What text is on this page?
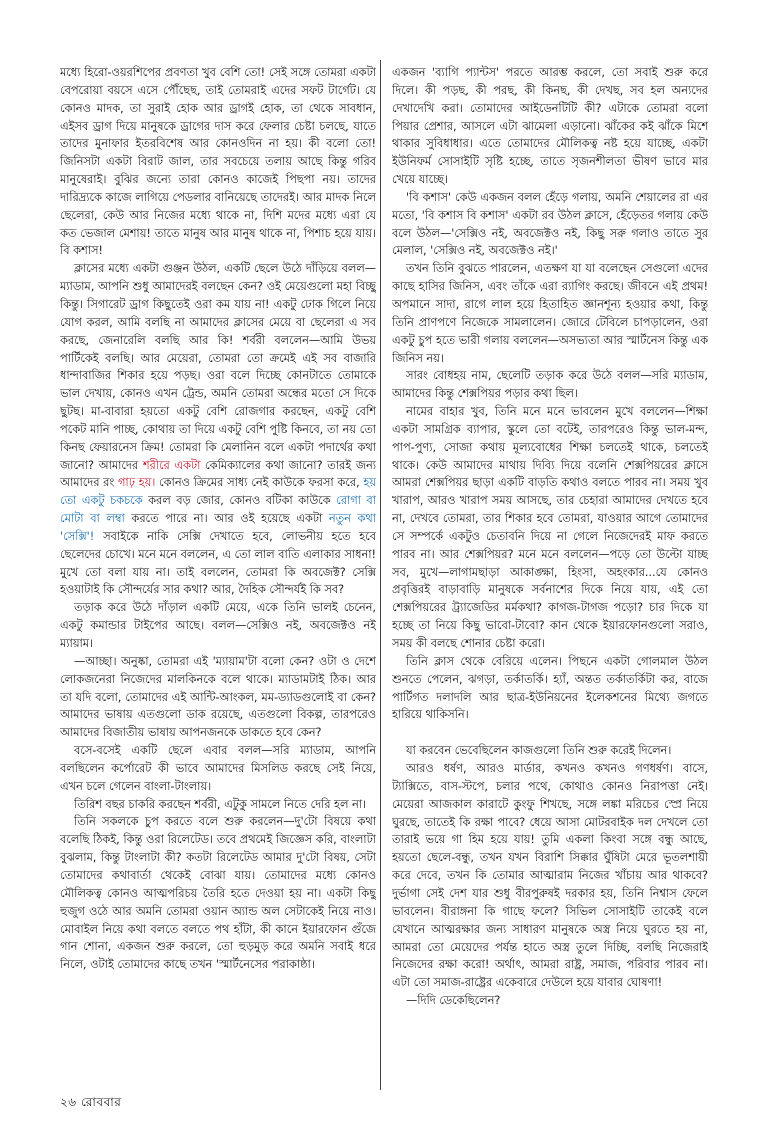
মধ্যে হিরো-ওয়রশিপের প্রবণতা খুব বেশি তো! সেই সঙ্গে তোমরা একটা বেপরোয়া বয়সে এসে পৌঁছেছ, তাই তোমরাই এদের সফট টার্গেট। যে কোনও মাদক, তা সুরাই হোক আর ড্রাগই হোক, তা থেকে সাবধান, এইসব ড্রাগ দিয়ে মানুষকে ড্রাগের দাস করে ফেলার চেষ্টা চলছে, যাতে তাদের মুনাফার ইতরবিশেষ আর কোনওদিন না হয়। কী বলো তো! জিনিসটা একটা বিরাট জাল, তার সবচেয়ে তলায় আছে কিন্তু গরিব মানুষেরাই। বুঝির জন্যে তারা কোনও কাজেই পিছপা নয়। তাদের দারিদ্র্যকে কাজে লাগিয়ে পেডলার বানিয়েছে তাদেরই। আর মাদক নিলে ছেলেরা, কেউ আর নিজের মধ্যে থাকে না, দিশি মদের মধ্যে এরা যে কত ভেজাল মেশায়! তাতে মানুষ আর মানুষ থাকে না, পিশাচ হয়ে যায়। বি কশাস!

ক্লাসের মধ্যে একটা গুঞ্জন উঠল, একটি ছেলে উঠে দাঁড়িয়ে বলল—ম্যাডাম, আপনি শুধু আমাদেরই বলছেন কেন? ওই মেয়েগুলো মহা বিচ্ছু কিন্তু। সিগারেট ড্রাগ কিছুতেই ওরা কম যায় না! একটু ঢোক গিলে নিয়ে যোগ করল, আমি বলছি না আমাদের ক্লাসের মেয়ে বা ছেলেরা এ সব করছে, জেনারেলি বলছি আর কি! শর্বরী বললেন—আমি উভয় পার্টিকেই বলছি। আর মেয়েরা, তোমরা তো ক্রমেই এই সব বাজারি ধান্দাবাজির শিকার হয়ে পড়ছ। ওরা বলে দিচ্ছে কোনটাতে তোমাকে ভাল দেখায়, কোনও এখন ট্রেন্ড, অমনি তোমরা অন্ধের মতো সে দিকে ছুটছ। মা-বাবারা হয়তো একটু বেশি রোজগার করছেন, একটু বেশি পকেট মানি পাচ্ছ, কোথায় তা দিয়ে একটু বেশি পুষ্টি কিনবে, তা নয় তো কিনছ ফেয়ারনেস ক্রিম! তোমরা কি মেলানিন বলে একটা পদার্থের কথা জানো? আমাদের শরীরে একটা কেমিক্যালের কথা জানো? তারই জন্য আমাদের রং গাঢ় হয়। কোনও ক্রিমের সাধ্য নেই কাউকে ফরসা করে, হয় তো একটু চকচকে করল বড় জোর, কোনও বটিকা কাউকে রোগা বা মোটা বা লম্বা করতে পারে না। আর ওই হয়েছে একটা নতুন কথা 'সেক্সি'! সবাইকে নাকি সেক্সি দেখাতে হবে, লোভনীয় হতে হবে ছেলেদের চোখে। মনে মনে বললেন, এ তো লাল বাতি এলাকার সাধনা! মুখে তো বলা যায় না। তাই বললেন, তোমরা কি অবজেক্ট? সেক্সি হওয়াটাই কি সৌন্দর্যের সার কথা? আর, দৈহিক সৌন্দর্যই কি সব?

তড়াক করে উঠে দাঁড়াল একটি মেয়ে, একে তিনি ভালই চেনেন, একটু কমান্ডার টাইপের আছে। বলল—সেক্সিও নই, অবজেক্টও নই ম্যায়াম।

—আচ্ছা। অনুষ্কা, তোমরা এই 'ম্যায়াম'টা বলো কেন? ওটা ও দেশে লোকজনেরা নিজেদের মালকিনকে বলে থাকে। ম্যাডামটাই ঠিক। আর তা যদি বলো, তোমাদের এই আন্টি-আংকল, মম-ড্যাডগুলোই বা কেন? আমাদের ভাষায় এতগুলো ডাক রয়েছে, এতগুলো বিকল্প, তারপরেও আমাদের বিজাতীয় ভাষায় আপনজনকে ডাকতে হবে কেন?

বসে-বসেই একটি ছেলে এবার বলল—সরি ম্যাডাম, আপনি বলছিলেন কর্পোরেট কী ভাবে আমাদের মিসলিড করছে সেই নিয়ে, এখন চলে গেলেন বাংলা-টাংলায়।

তিরিশ বছর চাকরি করছেন শর্বরী, এটুকু সামলে নিতে দেরি হল না।

তিনি সকলকে চুপ করতে বলে শুরু করলেন—দু'টো বিষয়ে কথা বলেছি ঠিকই, কিন্তু ওরা রিলেটেড। তবে প্রথমেই জিজ্ঞেস করি, বাংলাটা বুঝলাম, কিন্তু টাংলাটা কী? কতটা রিলেটেড আমার দু'টো বিষয়, সেটা তোমাদের কথাবার্তা থেকেই বোঝা যায়। তোমাদের মধ্যে কোনও মৌলিকত্ব কোনও আত্মপরিচয় তৈরি হতে দেওয়া হয় না। একটা কিছু হুজুগ ওঠে আর অমনি তোমরা ওয়ান অ্যান্ড অল সেটাকেই নিয়ে নাও। মোবাইল নিয়ে কথা বলতে বলতে পথ হাঁটা, কী কানে ইয়ারফোন গুঁজে গান শোনা, একজন শুরু করলে, তো হুড়মুড় করে অমনি সবাই ধরে নিলে, ওটাই তোমাদের কাছে তখন 'স্মার্টনেসের পরাকাষ্ঠা।

একজন 'ব্যাগি প্যান্টস' পরতে আরম্ভ করলে, তো সবাই শুরু করে দিলে। কী পড়ছ, কী পরছ, কী কিনছ, কী দেখছ, সব হল অন্যদের দেখাদেখি করা। তোমাদের আইডেনটিটি কী? এটাকে তোমরা বলো পিয়ার প্রেশার, আসলে এটা ঝামেলা এড়ানো। ঝাঁকের কই ঝাঁকে মিশে থাকার সুবিধাধার। এতে তোমাদের মৌলিকত্ব নষ্ট হয়ে যাচ্ছে, একটা ইউনিফর্ম সোসাইটি সৃষ্টি হচ্ছে, তাতে সৃজনশীলতা ভীষণ ভাবে মার খেয়ে যাচ্ছে।

'বি কশাস' কেউ একজন বলল হেঁড়ে গলায়, অমনি শেয়ালের রা এর মতো, 'বি কশাস বি কশাস' একটা রব উঠল ক্লাসে, হেঁড়েতর গলায় কেউ বলে উঠল—'সেক্সিও নই, অবজেক্টও নই, কিছু সরু গলাও তাতে সুর মেলাল, 'সেক্সিও নই, অবজেক্টও নই।'

তখন তিনি বুঝতে পারলেন, এতক্ষণ যা যা বলেছেন সেগুলো এদের কাছে হাসির জিনিস, এবং তাঁকে এরা র‍্যাগিং করছে। জীবনে এই প্রথম! অপমানে সাদা, রাগে লাল হয়ে হিতাহিত জ্ঞানশূন্য হওয়ার কথা, কিন্তু তিনি প্রাণপণে নিজেকে সামলালেন। জোরে টেবিলে চাপড়ালেন, ওরা একটু চুপ হতে ভারী গলায় বললেন—অসভ্যতা আর স্মার্টনেস কিন্তু এক জিনিস নয়।

সারং বোধহয় নাম, ছেলেটি তড়াক করে উঠে বলল—সরি ম্যাডাম, আমাদের কিন্তু শেক্সপিয়র পড়ার কথা ছিল।

নামের বাহার খুব, তিনি মনে মনে ভাবলেন মুখে বললেন—শিক্ষা একটা সামগ্রিক ব্যাপার, স্কুলে তো বটেই, তারপরেও কিন্তু ভাল-মন্দ, পাপ-পুণ্য, সোজা কথায় মূল্যবোধের শিক্ষা চলতেই থাকে, চলতেই থাকে। কেউ আমাদের মাথায় দিব্যি দিয়ে বলেনি শেক্সপিয়রের ক্লাসে আমরা শেক্সপিয়র ছাড়া একটি বাড়তি কথাও বলতে পারব না। সময় খুব খারাপ, আরও খারাপ সময় আসছে, তার চেহারা আমাদের দেখতে হবে না, দেখবে তোমরা, তার শিকার হবে তোমরা, যাওয়ার আগে তোমাদের সে সম্পর্কে একটুও চেতাবনি দিয়ে না গেলে নিজেদেরই মাফ করতে পারব না। আর শেক্সপিয়র? মনে মনে বললেন—পড়ে তো উল্টো যাচ্ছ সব, মুখে—লাগামছাড়া আকাঙ্ক্ষা, হিংসা, অহংকার...যে কোনও প্রবৃত্তিরই বাড়াবাড়ি মানুষকে সর্বনাশের দিকে নিয়ে যায়, এই তো শেক্সপিয়রের ট্র্যাজেডির মর্মকথা? কাগজ-টাগজ পড়ো? চার দিকে যা হচ্ছে তা নিয়ে কিছু ভাবো-টাবো? কান থেকে ইয়ারফোনগুলো সরাও, সময় কী বলছে শোনার চেষ্টা করো।

তিনি ক্লাস থেকে বেরিয়ে এলেন। পিছনে একটা গোলমাল উঠল শুনতে পেলেন, ঝগড়া, তর্কাতর্কি। হ্যাঁ, অন্তত তর্কাতর্কিটা কর, বাজে পার্টিগত দলাদলি আর ছাত্র-ইউনিয়নের ইলেকশনের মিথ্যে জগতে হারিয়ে থাকিসনি।

যা করবেন ভেবেছিলেন কাজগুলো তিনি শুরু করেই দিলেন।

আরও ধর্ষণ, আরও মার্ডার, কখনও কখনও গণধর্ষণ। বাসে, ট্যাক্সিতে, বাস-স্টপে, চলার পথে, কোথাও কোনও নিরাপত্তা নেই। মেয়েরা আজকাল কারাটে কুংফু শিখছে, সঙ্গে লঙ্কা মরিচের স্প্রে নিয়ে ঘুরছে, তাতেই কি রক্ষা পাবে? ধেয়ে আসা মোটরবাইক দল দেখলে তো তারাই ভয়ে গা হিম হয়ে যায়! তুমি একলা কিংবা সঙ্গে বন্ধু আছে, হয়তো ছেলে-বন্ধু, তখন যখন বিরাশি সিক্কার ঘুঁষিটা মেরে ভূতলশায়ী করে দেবে, তখন কি তোমার আত্মারাম নিজের খাঁচায় আর থাকবে? দুর্ভাগা সেই দেশ যার শুধু বীরপুরুষই দরকার হয়, তিনি নিশ্বাস ফেলে ভাবলেন। বীরাঙ্গনা কি গাছে ফলে? সিভিল সোসাইটি তাকেই বলে যেখানে আত্মরক্ষার জন্য সাধারণ মানুষকে অস্ত্র নিয়ে ঘুরতে হয় না, আমরা তো মেয়েদের পর্যন্ত হাতে অস্ত্র তুলে দিচ্ছি, বলছি নিজেরাই নিজেদের রক্ষা করো! অর্থাৎ, আমরা রাষ্ট্র, সমাজ, পরিবার পারব না। এটা তো সমাজ-রাষ্ট্রের একেবারে দেউলে হয়ে যাবার ঘোষণা!

—দিদি ডেকেছিলেন?

২৬ রোববার
